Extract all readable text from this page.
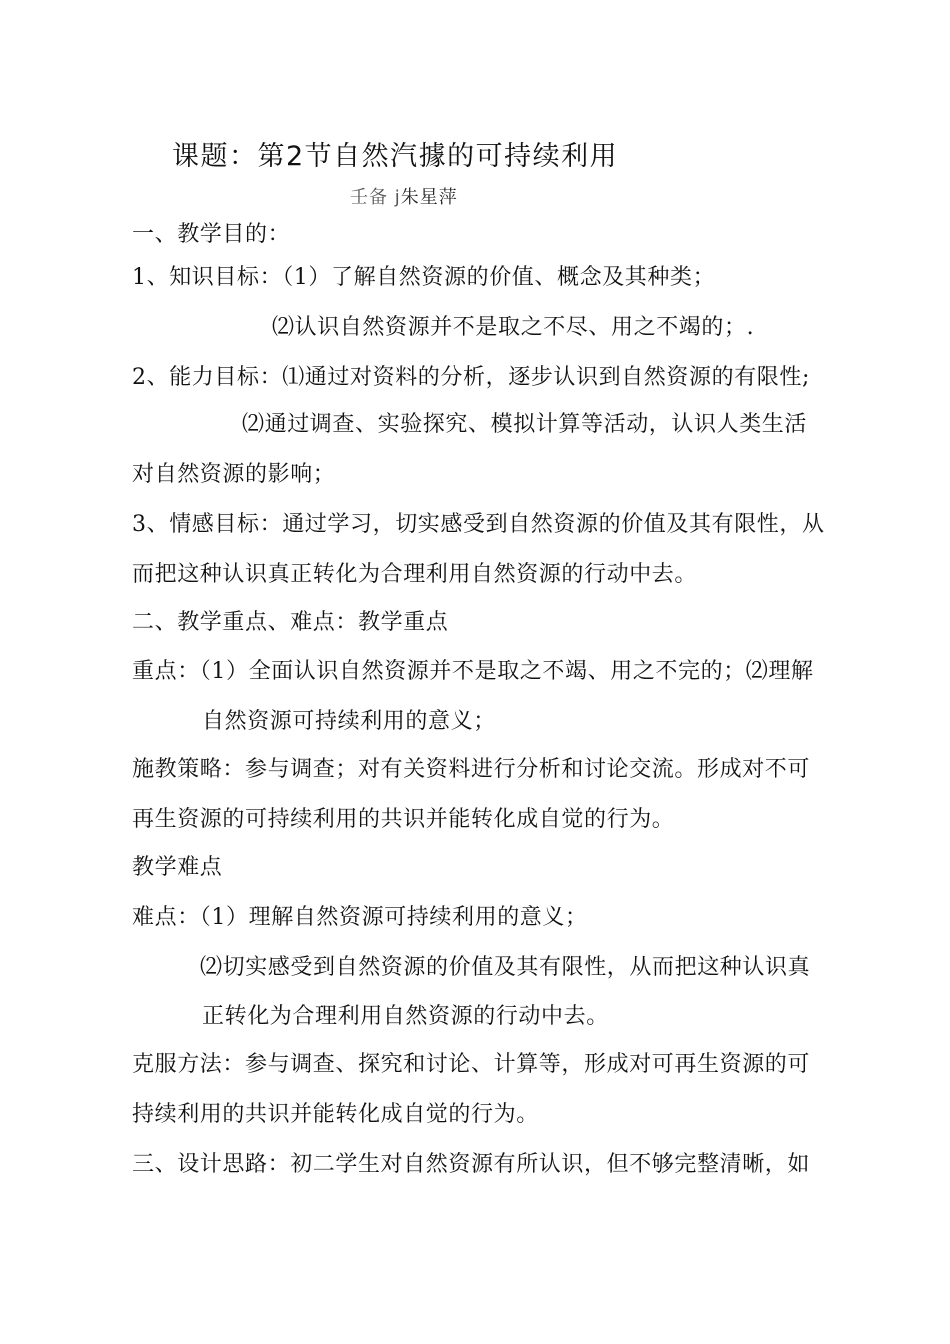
课题：第2节自然汽據的可持续利用
壬备 j朱星萍
一、教学目的：
1、知识目标：（1）了解自然资源的价值、概念及其种类；
⑵认识自然资源并不是取之不尽、用之不竭的；.
2、能力目标：⑴通过对资料的分析，逐步认识到自然资源的有限性;
⑵通过调查、实验探究、模拟计算等活动，认识人类生活
对自然资源的影响；
3、情感目标：通过学习，切实感受到自然资源的价值及其有限性，从
而把这种认识真正转化为合理利用自然资源的行动中去。
二、教学重点、难点：教学重点
重点：（1）全面认识自然资源并不是取之不竭、用之不完的；⑵理解
自然资源可持续利用的意义；
施教策略：参与调查；对有关资料进行分析和讨论交流。形成对不可
再生资源的可持续利用的共识并能转化成自觉的行为。
教学难点
难点：（1）理解自然资源可持续利用的意义；
⑵切实感受到自然资源的价值及其有限性，从而把这种认识真
正转化为合理利用自然资源的行动中去。
克服方法：参与调查、探究和讨论、计算等，形成对可再生资源的可
持续利用的共识并能转化成自觉的行为。
三、设计思路：初二学生对自然资源有所认识，但不够完整清晰，如
